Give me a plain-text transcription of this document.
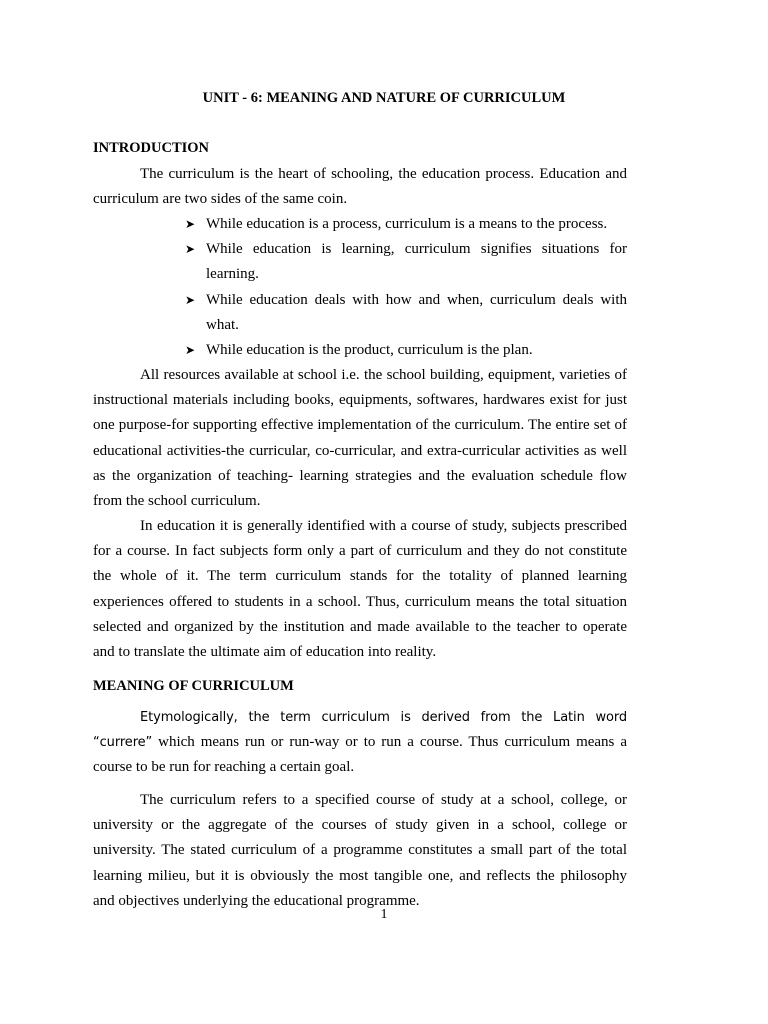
UNIT - 6: MEANING AND NATURE OF CURRICULUM
INTRODUCTION

The curriculum is the heart of schooling, the education process. Education and curriculum are two sides of the same coin.

➤ While education is a process, curriculum is a means to the process.
➤ While education is learning, curriculum signifies situations for learning.
➤ While education deals with how and when, curriculum deals with what.
➤ While education is the product, curriculum is the plan.

All resources available at school i.e. the school building, equipment, varieties of instructional materials including books, equipments, softwares, hardwares exist for just one purpose-for supporting effective implementation of the curriculum. The entire set of educational activities-the curricular, co-curricular, and extra-curricular activities as well as the organization of teaching- learning strategies and the evaluation schedule flow from the school curriculum.

In education it is generally identified with a course of study, subjects prescribed for a course. In fact subjects form only a part of curriculum and they do not constitute the whole of it. The term curriculum stands for the totality of planned learning experiences offered to students in a school. Thus, curriculum means the total situation selected and organized by the institution and made available to the teacher to operate and to translate the ultimate aim of education into reality.

MEANING OF CURRICULUM

Etymologically, the term curriculum is derived from the Latin word “currere” which means run or run-way or to run a course. Thus curriculum means a course to be run for reaching a certain goal.

The curriculum refers to a specified course of study at a school, college, or university or the aggregate of the courses of study given in a school, college or university. The stated curriculum of a programme constitutes a small part of the total learning milieu, but it is obviously the most tangible one, and reflects the philosophy and objectives underlying the educational programme.

1
